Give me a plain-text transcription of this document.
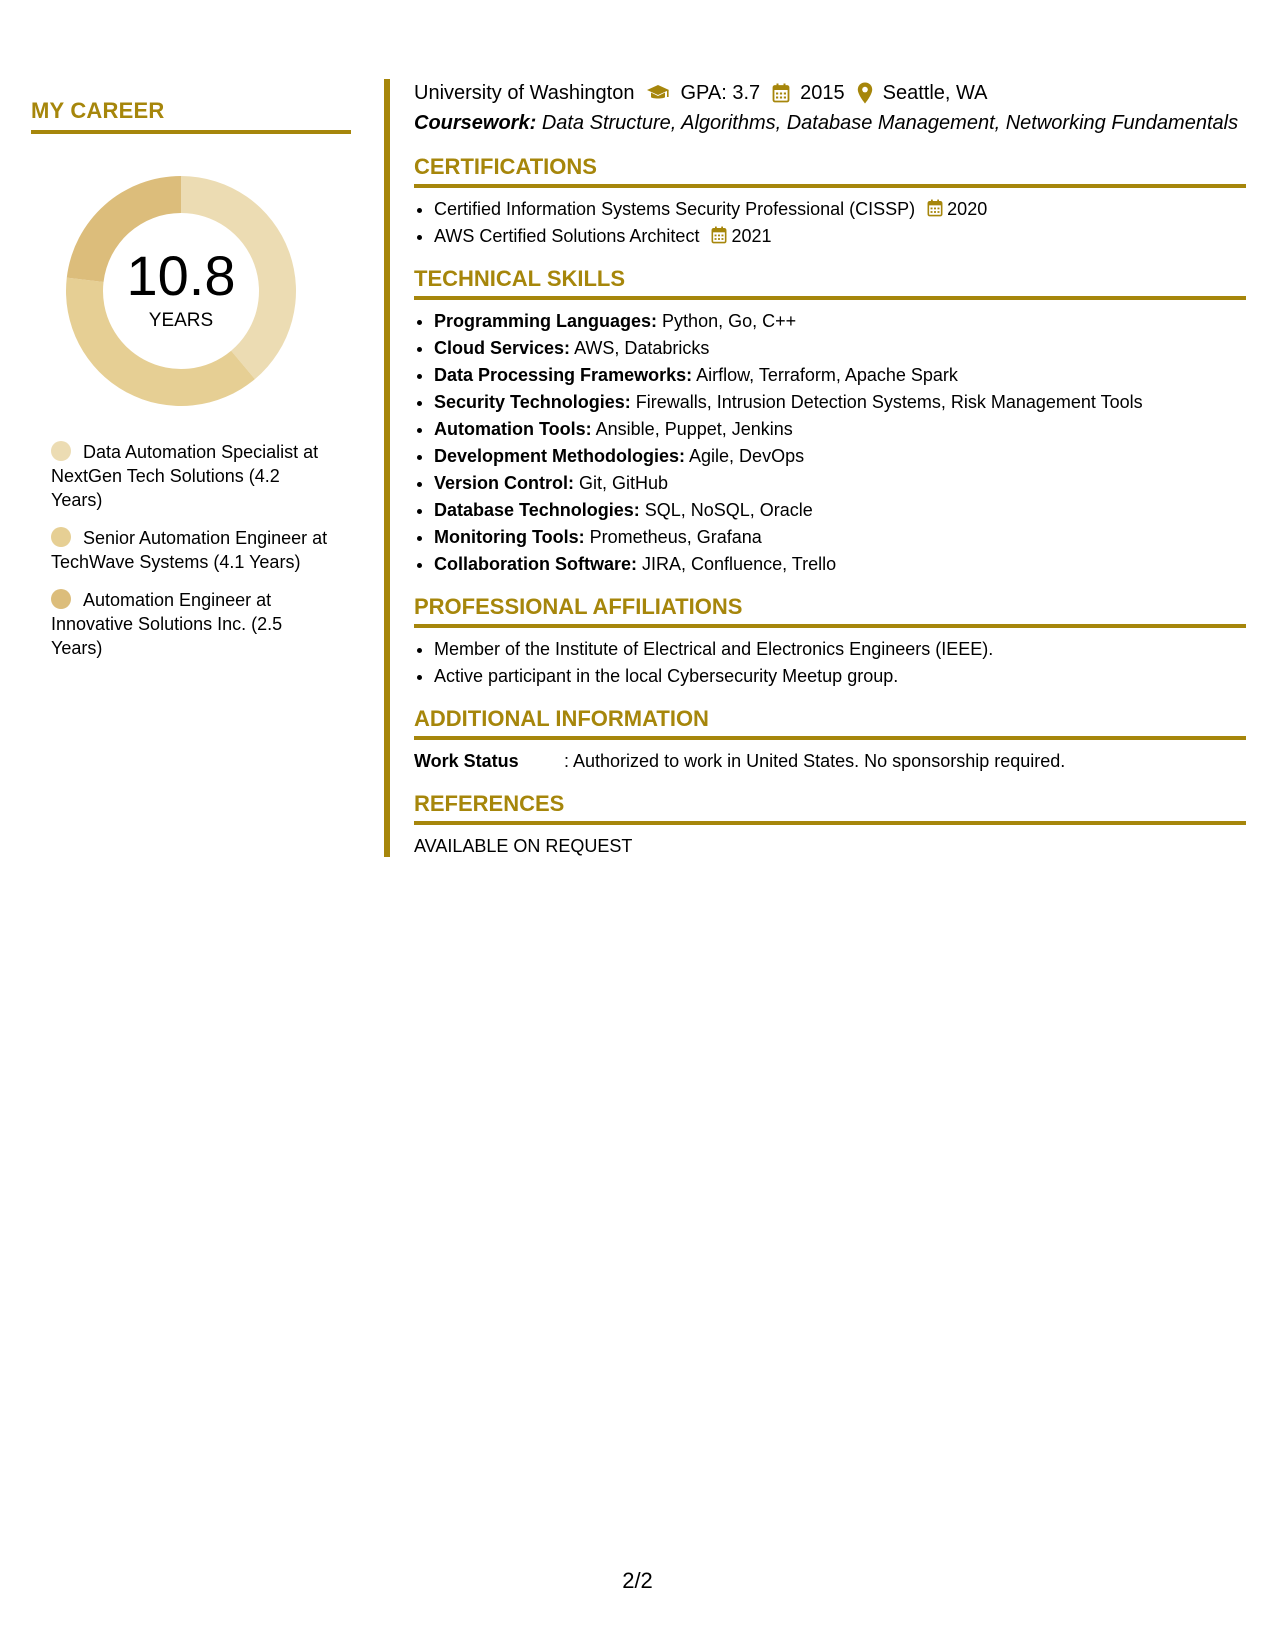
MY CAREER
10.8
YEARS
Data Automation Specialist at NextGen Tech Solutions (4.2 Years)
Senior Automation Engineer at TechWave Systems (4.1 Years)
Automation Engineer at Innovative Solutions Inc. (2.5 Years)
University of Washington GPA: 3.7 2015 Seattle, WA
Coursework: Data Structure, Algorithms, Database Management, Networking Fundamentals
CERTIFICATIONS
• Certified Information Systems Security Professional (CISSP) 2020
• AWS Certified Solutions Architect 2021
TECHNICAL SKILLS
• Programming Languages: Python, Go, C++
• Cloud Services: AWS, Databricks
• Data Processing Frameworks: Airflow, Terraform, Apache Spark
• Security Technologies: Firewalls, Intrusion Detection Systems, Risk Management Tools
• Automation Tools: Ansible, Puppet, Jenkins
• Development Methodologies: Agile, DevOps
• Version Control: Git, GitHub
• Database Technologies: SQL, NoSQL, Oracle
• Monitoring Tools: Prometheus, Grafana
• Collaboration Software: JIRA, Confluence, Trello
PROFESSIONAL AFFILIATIONS
• Member of the Institute of Electrical and Electronics Engineers (IEEE).
• Active participant in the local Cybersecurity Meetup group.
ADDITIONAL INFORMATION
Work Status	: Authorized to work in United States. No sponsorship required.
REFERENCES
AVAILABLE ON REQUEST
2/2
